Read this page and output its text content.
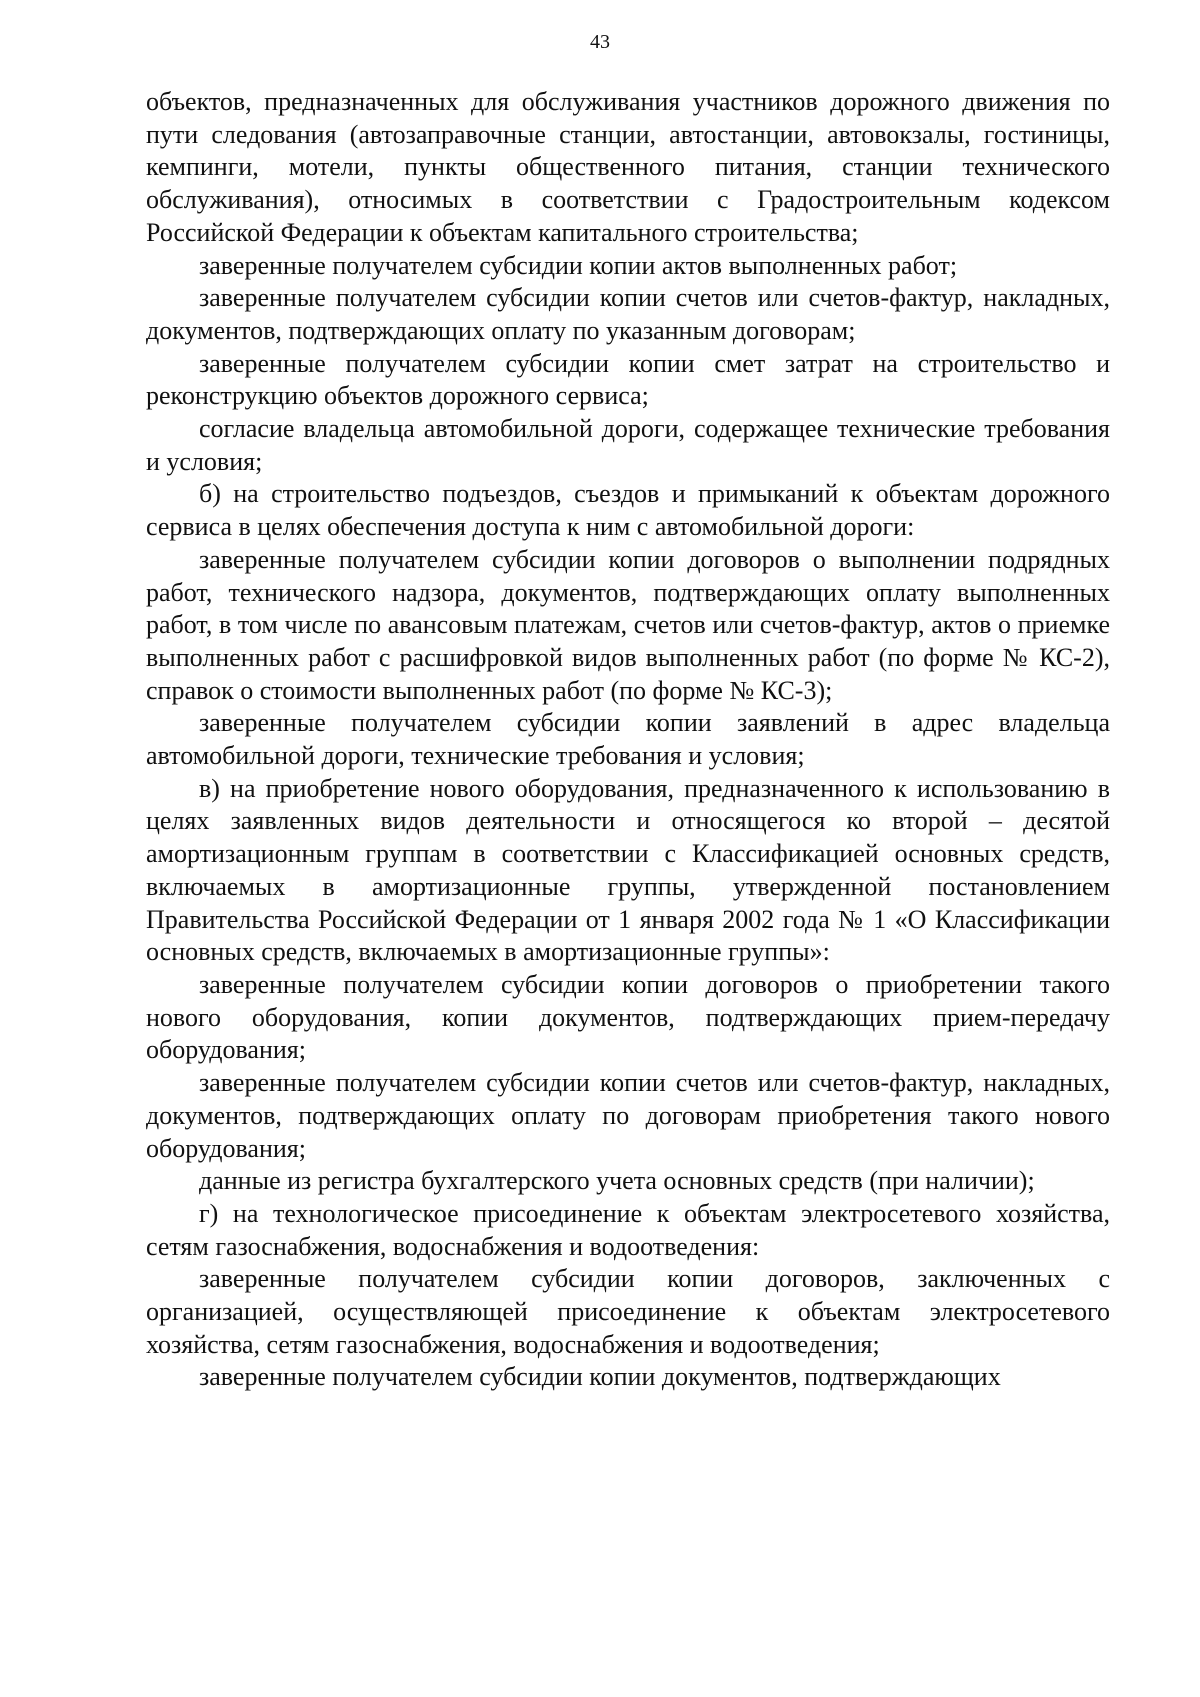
43

объектов, предназначенных для обслуживания участников дорожного движения по пути следования (автозаправочные станции, автостанции, автовокзалы, гостиницы, кемпинги, мотели, пункты общественного питания, станции технического обслуживания), относимых в соответствии с Градостроительным кодексом Российской Федерации к объектам капитального строительства;

заверенные получателем субсидии копии актов выполненных работ;

заверенные получателем субсидии копии счетов или счетов-фактур, накладных, документов, подтверждающих оплату по указанным договорам;

заверенные получателем субсидии копии смет затрат на строительство и реконструкцию объектов дорожного сервиса;

согласие владельца автомобильной дороги, содержащее технические требования и условия;

б) на строительство подъездов, съездов и примыканий к объектам дорожного сервиса в целях обеспечения доступа к ним с автомобильной дороги:

заверенные получателем субсидии копии договоров о выполнении подрядных работ, технического надзора, документов, подтверждающих оплату выполненных работ, в том числе по авансовым платежам, счетов или счетов-фактур, актов о приемке выполненных работ с расшифровкой видов выполненных работ (по форме № КС-2), справок о стоимости выполненных работ (по форме № КС-3);

заверенные получателем субсидии копии заявлений в адрес владельца автомобильной дороги, технические требования и условия;

в) на приобретение нового оборудования, предназначенного к использованию в целях заявленных видов деятельности и относящегося ко второй – десятой амортизационным группам в соответствии с Классификацией основных средств, включаемых в амортизационные группы, утвержденной постановлением Правительства Российской Федерации от 1 января 2002 года № 1 «О Классификации основных средств, включаемых в амортизационные группы»:

заверенные получателем субсидии копии договоров о приобретении такого нового оборудования, копии документов, подтверждающих прием-передачу оборудования;

заверенные получателем субсидии копии счетов или счетов-фактур, накладных, документов, подтверждающих оплату по договорам приобретения такого нового оборудования;

данные из регистра бухгалтерского учета основных средств (при наличии);

г) на технологическое присоединение к объектам электросетевого хозяйства, сетям газоснабжения, водоснабжения и водоотведения:

заверенные получателем субсидии копии договоров, заключенных с организацией, осуществляющей присоединение к объектам электросетевого хозяйства, сетям газоснабжения, водоснабжения и водоотведения;

заверенные получателем субсидии копии документов, подтверждающих
